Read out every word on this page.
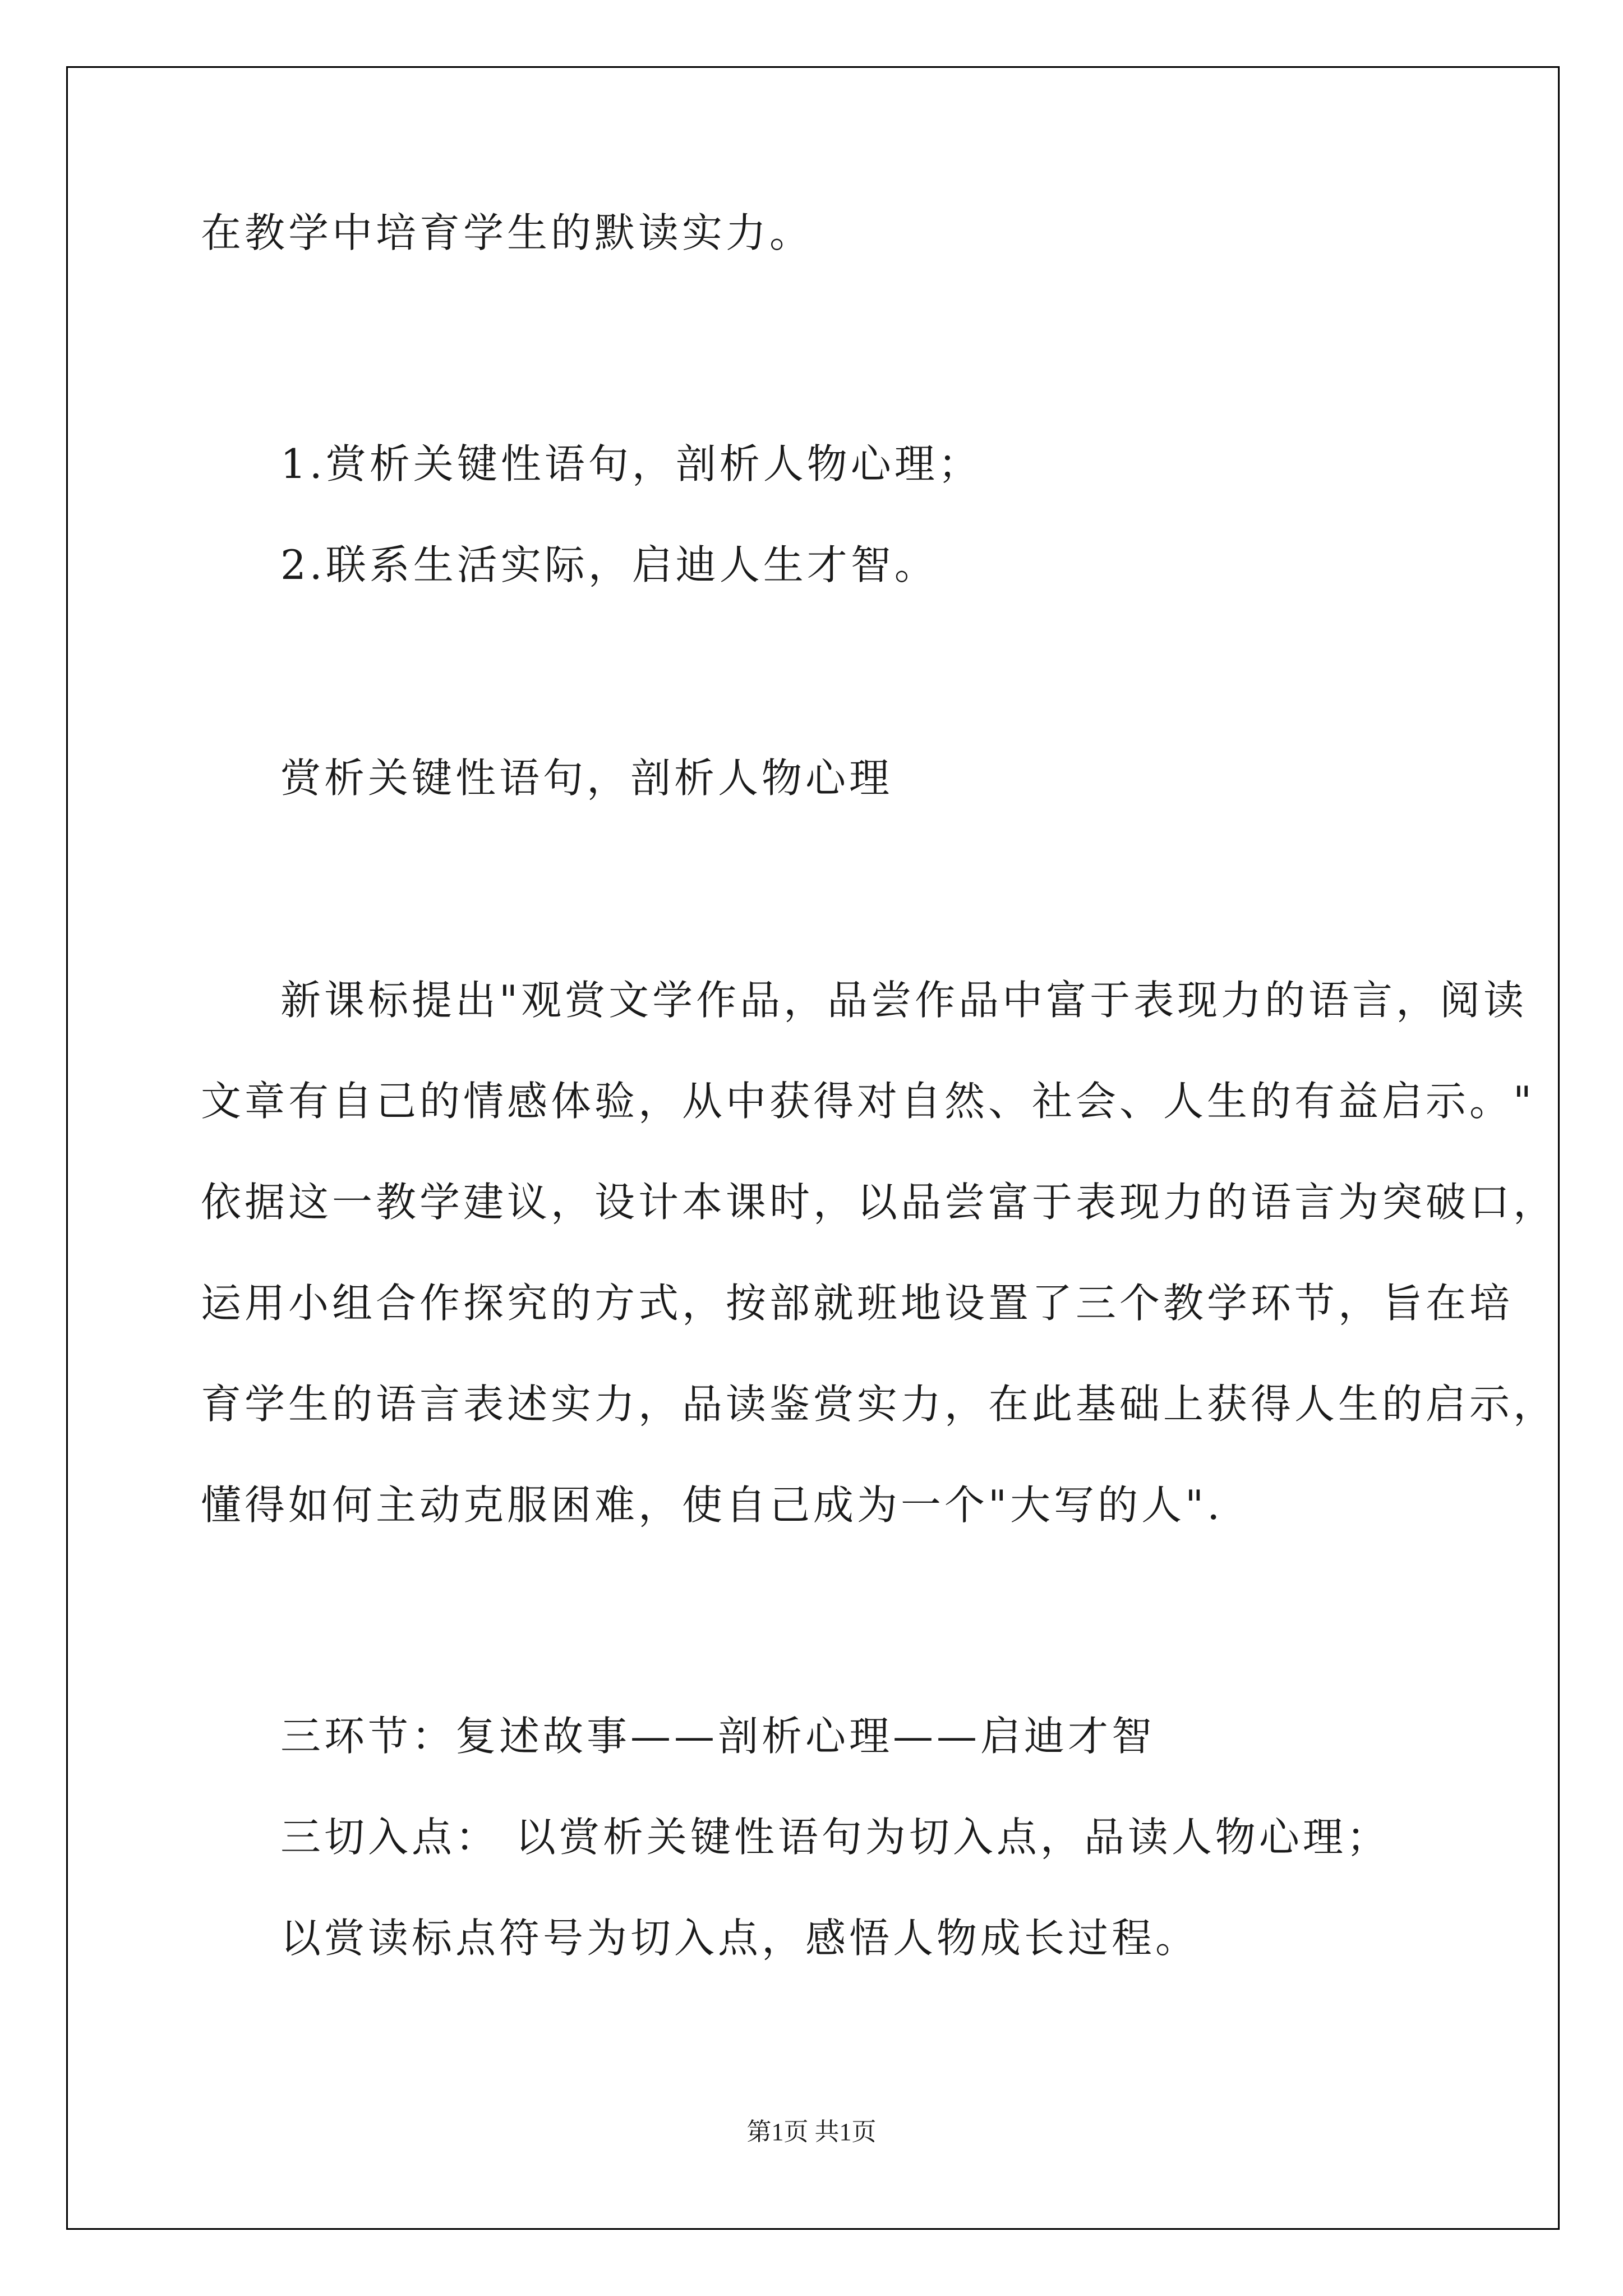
在教学中培育学生的默读实力。
1.赏析关键性语句，剖析人物心理；
2.联系生活实际，启迪人生才智。
赏析关键性语句，剖析人物心理
新课标提出"观赏文学作品，品尝作品中富于表现力的语言，阅读
文章有自己的情感体验，从中获得对自然、社会、人生的有益启示。"
依据这一教学建议，设计本课时，以品尝富于表现力的语言为突破口，
运用小组合作探究的方式，按部就班地设置了三个教学环节，旨在培
育学生的语言表述实力，品读鉴赏实力，在此基础上获得人生的启示，
懂得如何主动克服困难，使自己成为一个"大写的人".
三环节：复述故事——剖析心理——启迪才智
三切入点： 以赏析关键性语句为切入点，品读人物心理；
以赏读标点符号为切入点，感悟人物成长过程。
第1页 共1页
